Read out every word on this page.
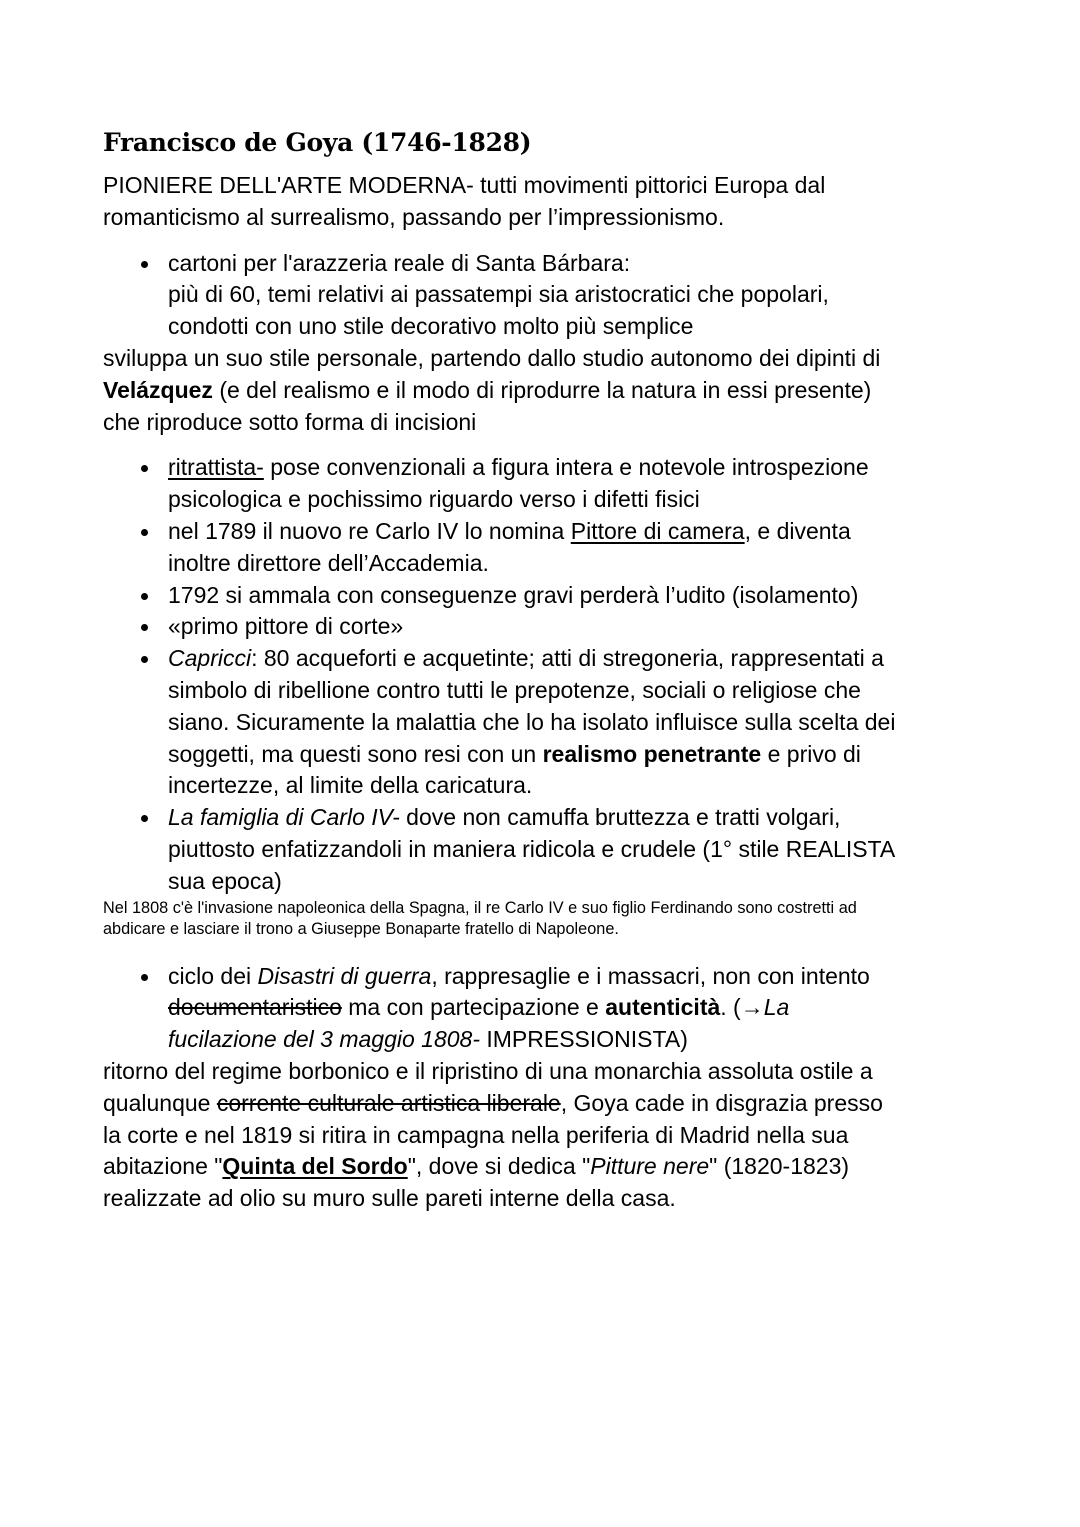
Francisco de Goya (1746-1828)

PIONIERE DELL'ARTE MODERNA- tutti movimenti pittorici Europa dal
romanticismo al surrealismo, passando per l’impressionismo.

cartoni per l'arazzeria reale di Santa Bárbara:
più di 60, temi relativi ai passatempi sia aristocratici che popolari,
condotti con uno stile decorativo molto più semplice

sviluppa un suo stile personale, partendo dallo studio autonomo dei dipinti di
Velázquez (e del realismo e il modo di riprodurre la natura in essi presente)
che riproduce sotto forma di incisioni

ritrattista- pose convenzionali a figura intera e notevole introspezione
psicologica e pochissimo riguardo verso i difetti fisici
nel 1789 il nuovo re Carlo IV lo nomina Pittore di camera, e diventa
inoltre direttore dell’Accademia.
1792 si ammala con conseguenze gravi perderà l’udito (isolamento)
«primo pittore di corte»
Capricci: 80 acqueforti e acquetinte; atti di stregoneria, rappresentati a
simbolo di ribellione contro tutti le prepotenze, sociali o religiose che
siano. Sicuramente la malattia che lo ha isolato influisce sulla scelta dei
soggetti, ma questi sono resi con un realismo penetrante e privo di
incertezze, al limite della caricatura.
La famiglia di Carlo IV- dove non camuffa bruttezza e tratti volgari,
piuttosto enfatizzandoli in maniera ridicola e crudele (1° stile REALISTA
sua epoca)

Nel 1808 c'è l'invasione napoleonica della Spagna, il re Carlo IV e suo figlio Ferdinando sono costretti ad
abdicare e lasciare il trono a Giuseppe Bonaparte fratello di Napoleone.

ciclo dei Disastri di guerra, rappresaglie e i massacri, non con intento
documentaristico ma con partecipazione e autenticità. (→La
fucilazione del 3 maggio 1808- IMPRESSIONISTA)

ritorno del regime borbonico e il ripristino di una monarchia assoluta ostile a
qualunque corrente culturale artistica liberale, Goya cade in disgrazia presso
la corte e nel 1819 si ritira in campagna nella periferia di Madrid nella sua
abitazione "Quinta del Sordo", dove si dedica "Pitture nere" (1820-1823)
realizzate ad olio su muro sulle pareti interne della casa.
